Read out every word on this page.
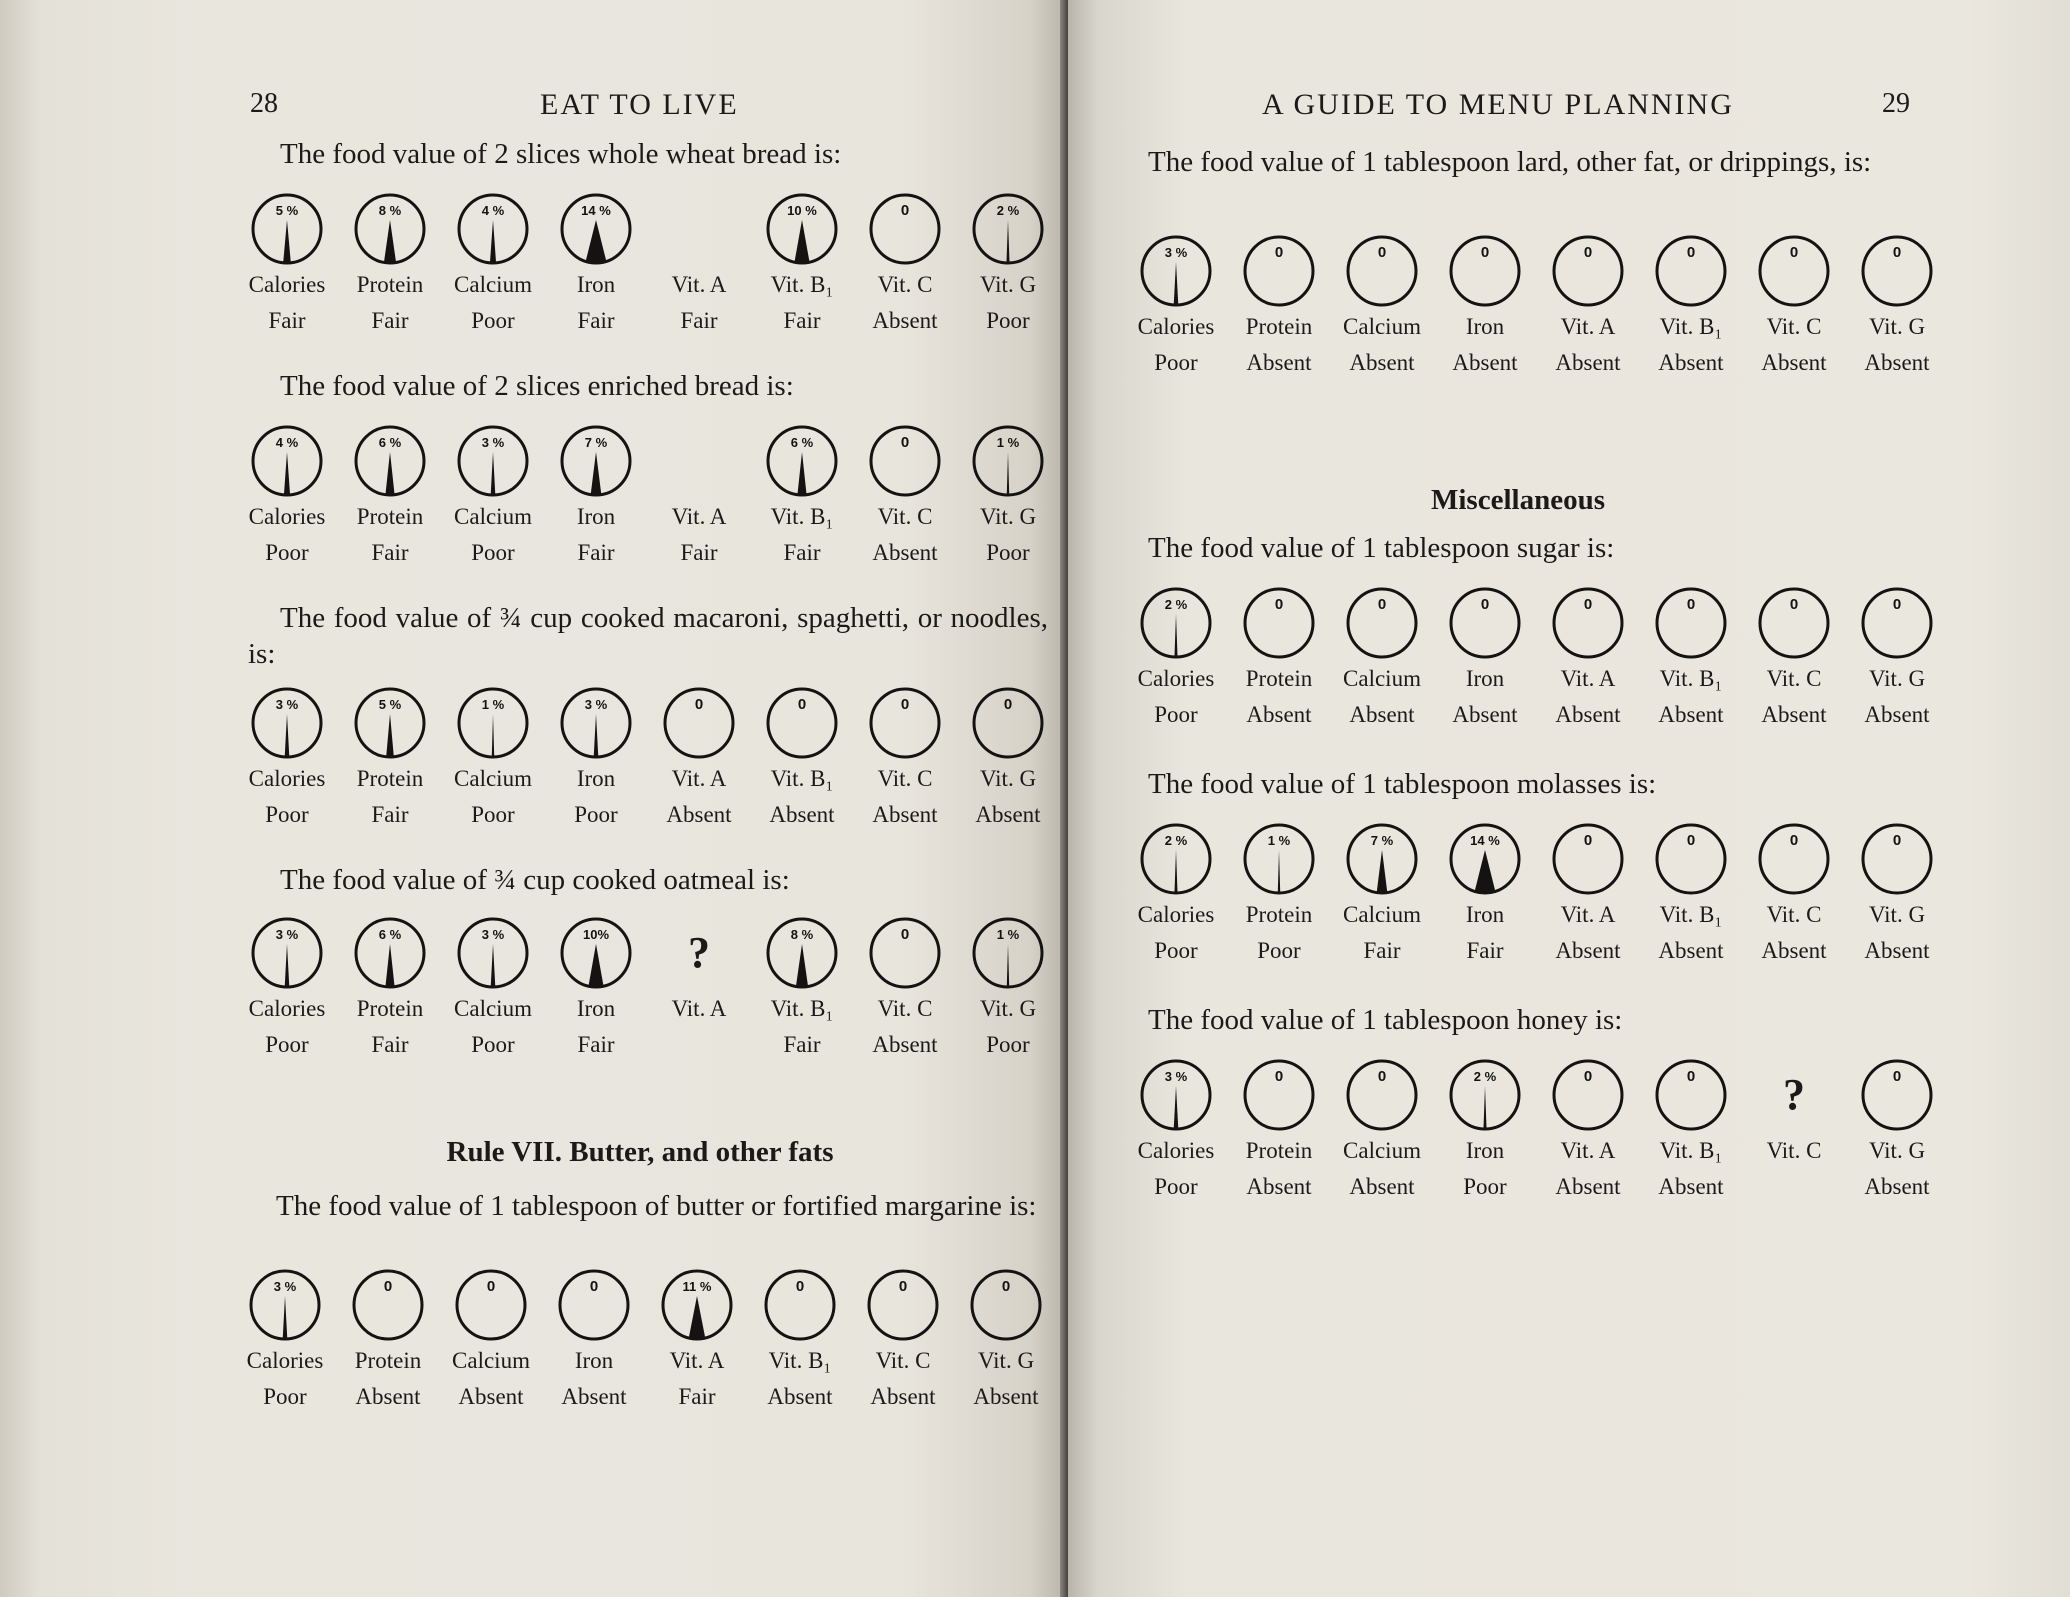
28	EAT TO LIVE

The food value of 2 slices whole wheat bread is:

5 %
Calories
Fair
8 %
Protein
Fair
4 %
Calcium
Poor
14 %
Iron
Fair
Vit. A
Fair
10 %
Vit. B₁
Fair
0
Vit. C
Absent
2 %
Vit. G
Poor

The food value of 2 slices enriched bread is:

4 %
Calories
Poor
6 %
Protein
Fair
3 %
Calcium
Poor
7 %
Iron
Fair
Vit. A
Fair
6 %
Vit. B₁
Fair
0
Vit. C
Absent
1 %
Vit. G
Poor

The food value of ¾ cup cooked macaroni, spaghetti, or noodles, is:

3 %
Calories
Poor
5 %
Protein
Fair
1 %
Calcium
Poor
3 %
Iron
Poor
0
Vit. A
Absent
0
Vit. B₁
Absent
0
Vit. C
Absent
0
Vit. G
Absent

The food value of ¾ cup cooked oatmeal is:

3 %
Calories
Poor
6 %
Protein
Fair
3 %
Calcium
Poor
10%
Iron
Fair
?
Vit. A
8 %
Vit. B₁
Fair
0
Vit. C
Absent
1 %
Vit. G
Poor
Rule VII. Butter, and other fats

The food value of 1 tablespoon of butter or fortified margarine is:

3 %
Calories
Poor
0
Protein
Absent
0
Calcium
Absent
0
Iron
Absent
11 %
Vit. A
Fair
0
Vit. B₁
Absent
0
Vit. C
Absent
0
Vit. G
Absent
A GUIDE TO MENU PLANNING	29

The food value of 1 tablespoon lard, other fat, or drippings, is:

3 %
Calories
Poor
0
Protein
Absent
0
Calcium
Absent
0
Iron
Absent
0
Vit. A
Absent
0
Vit. B₁
Absent
0
Vit. C
Absent
0
Vit. G
Absent
Miscellaneous

The food value of 1 tablespoon sugar is:

2 %
Calories
Poor
0
Protein
Absent
0
Calcium
Absent
0
Iron
Absent
0
Vit. A
Absent
0
Vit. B₁
Absent
0
Vit. C
Absent
0
Vit. G
Absent

The food value of 1 tablespoon molasses is:

2 %
Calories
Poor
1 %
Protein
Poor
7 %
Calcium
Fair
14 %
Iron
Fair
0
Vit. A
Absent
0
Vit. B₁
Absent
0
Vit. C
Absent
0
Vit. G
Absent

The food value of 1 tablespoon honey is:

3 %
Calories
Poor
0
Protein
Absent
0
Calcium
Absent
2 %
Iron
Poor
0
Vit. A
Absent
0
Vit. B₁
Absent
?
Vit. C
0
Vit. G
Absent
